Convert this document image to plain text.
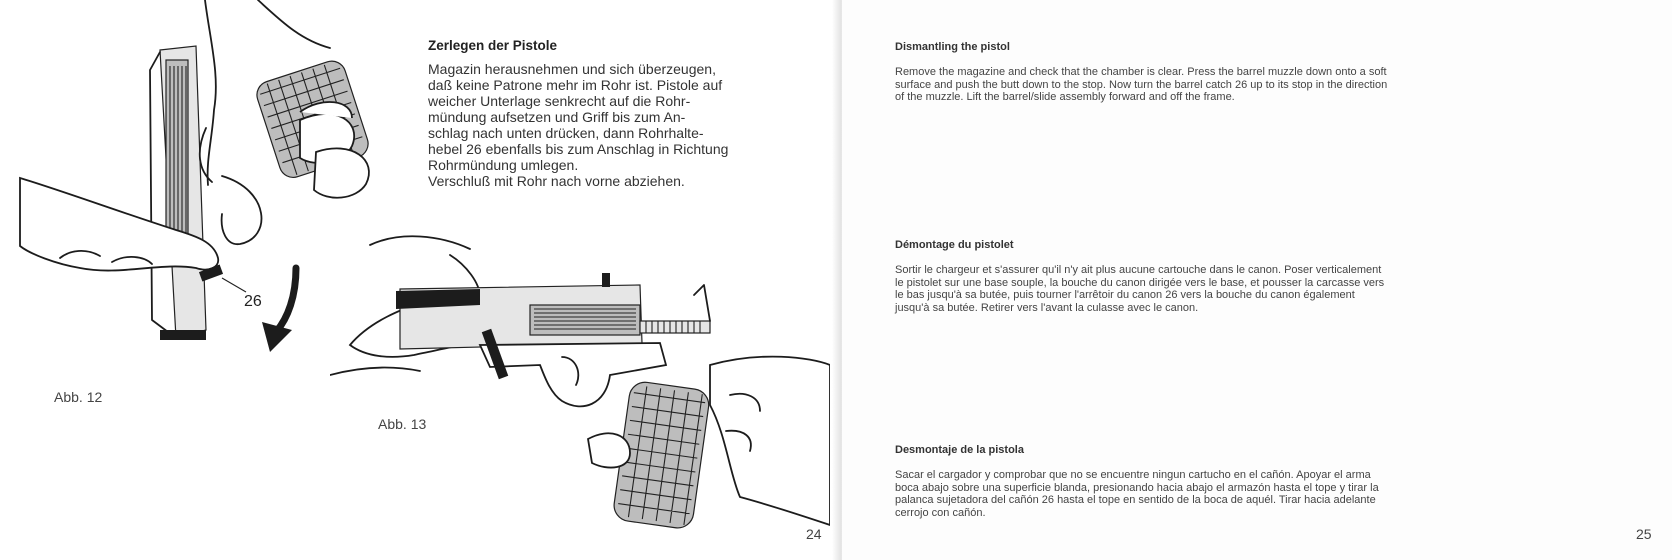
26
Abb. 12
Zerlegen der Pistole

Magazin herausnehmen und sich überzeugen,
daß keine Patrone mehr im Rohr ist. Pistole auf
weicher Unterlage senkrecht auf die Rohr-
mündung aufsetzen und Griff bis zum An-
schlag nach unten drücken, dann Rohrhalte-
hebel 26 ebenfalls bis zum Anschlag in Richtung
Rohrmündung umlegen.
Verschluß mit Rohr nach vorne abziehen.

Abb. 13
24
Dismantling the pistol

Remove the magazine and check that the chamber is clear. Press the barrel muzzle down onto a soft
surface and push the butt down to the stop. Now turn the barrel catch 26 up to its stop in the direction
of the muzzle. Lift the barrel/slide assembly forward and off the frame.

Démontage du pistolet

Sortir le chargeur et s'assurer qu'il n'y ait plus aucune cartouche dans le canon. Poser verticalement
le pistolet sur une base souple, la bouche du canon dirigée vers le base, et pousser la carcasse vers
le bas jusqu'à sa butée, puis tourner l'arrêtoir du canon 26 vers la bouche du canon également
jusqu'à sa butée. Retirer vers l'avant la culasse avec le canon.

Desmontaje de la pistola

Sacar el cargador y comprobar que no se encuentre ningun cartucho en el cañón. Apoyar el arma
boca abajo sobre una superficie blanda, presionando hacia abajo el armazón hasta el tope y tirar la
palanca sujetadora del cañón 26 hasta el tope en sentido de la boca de aquél. Tirar hacia adelante
cerrojo con cañón.

25
